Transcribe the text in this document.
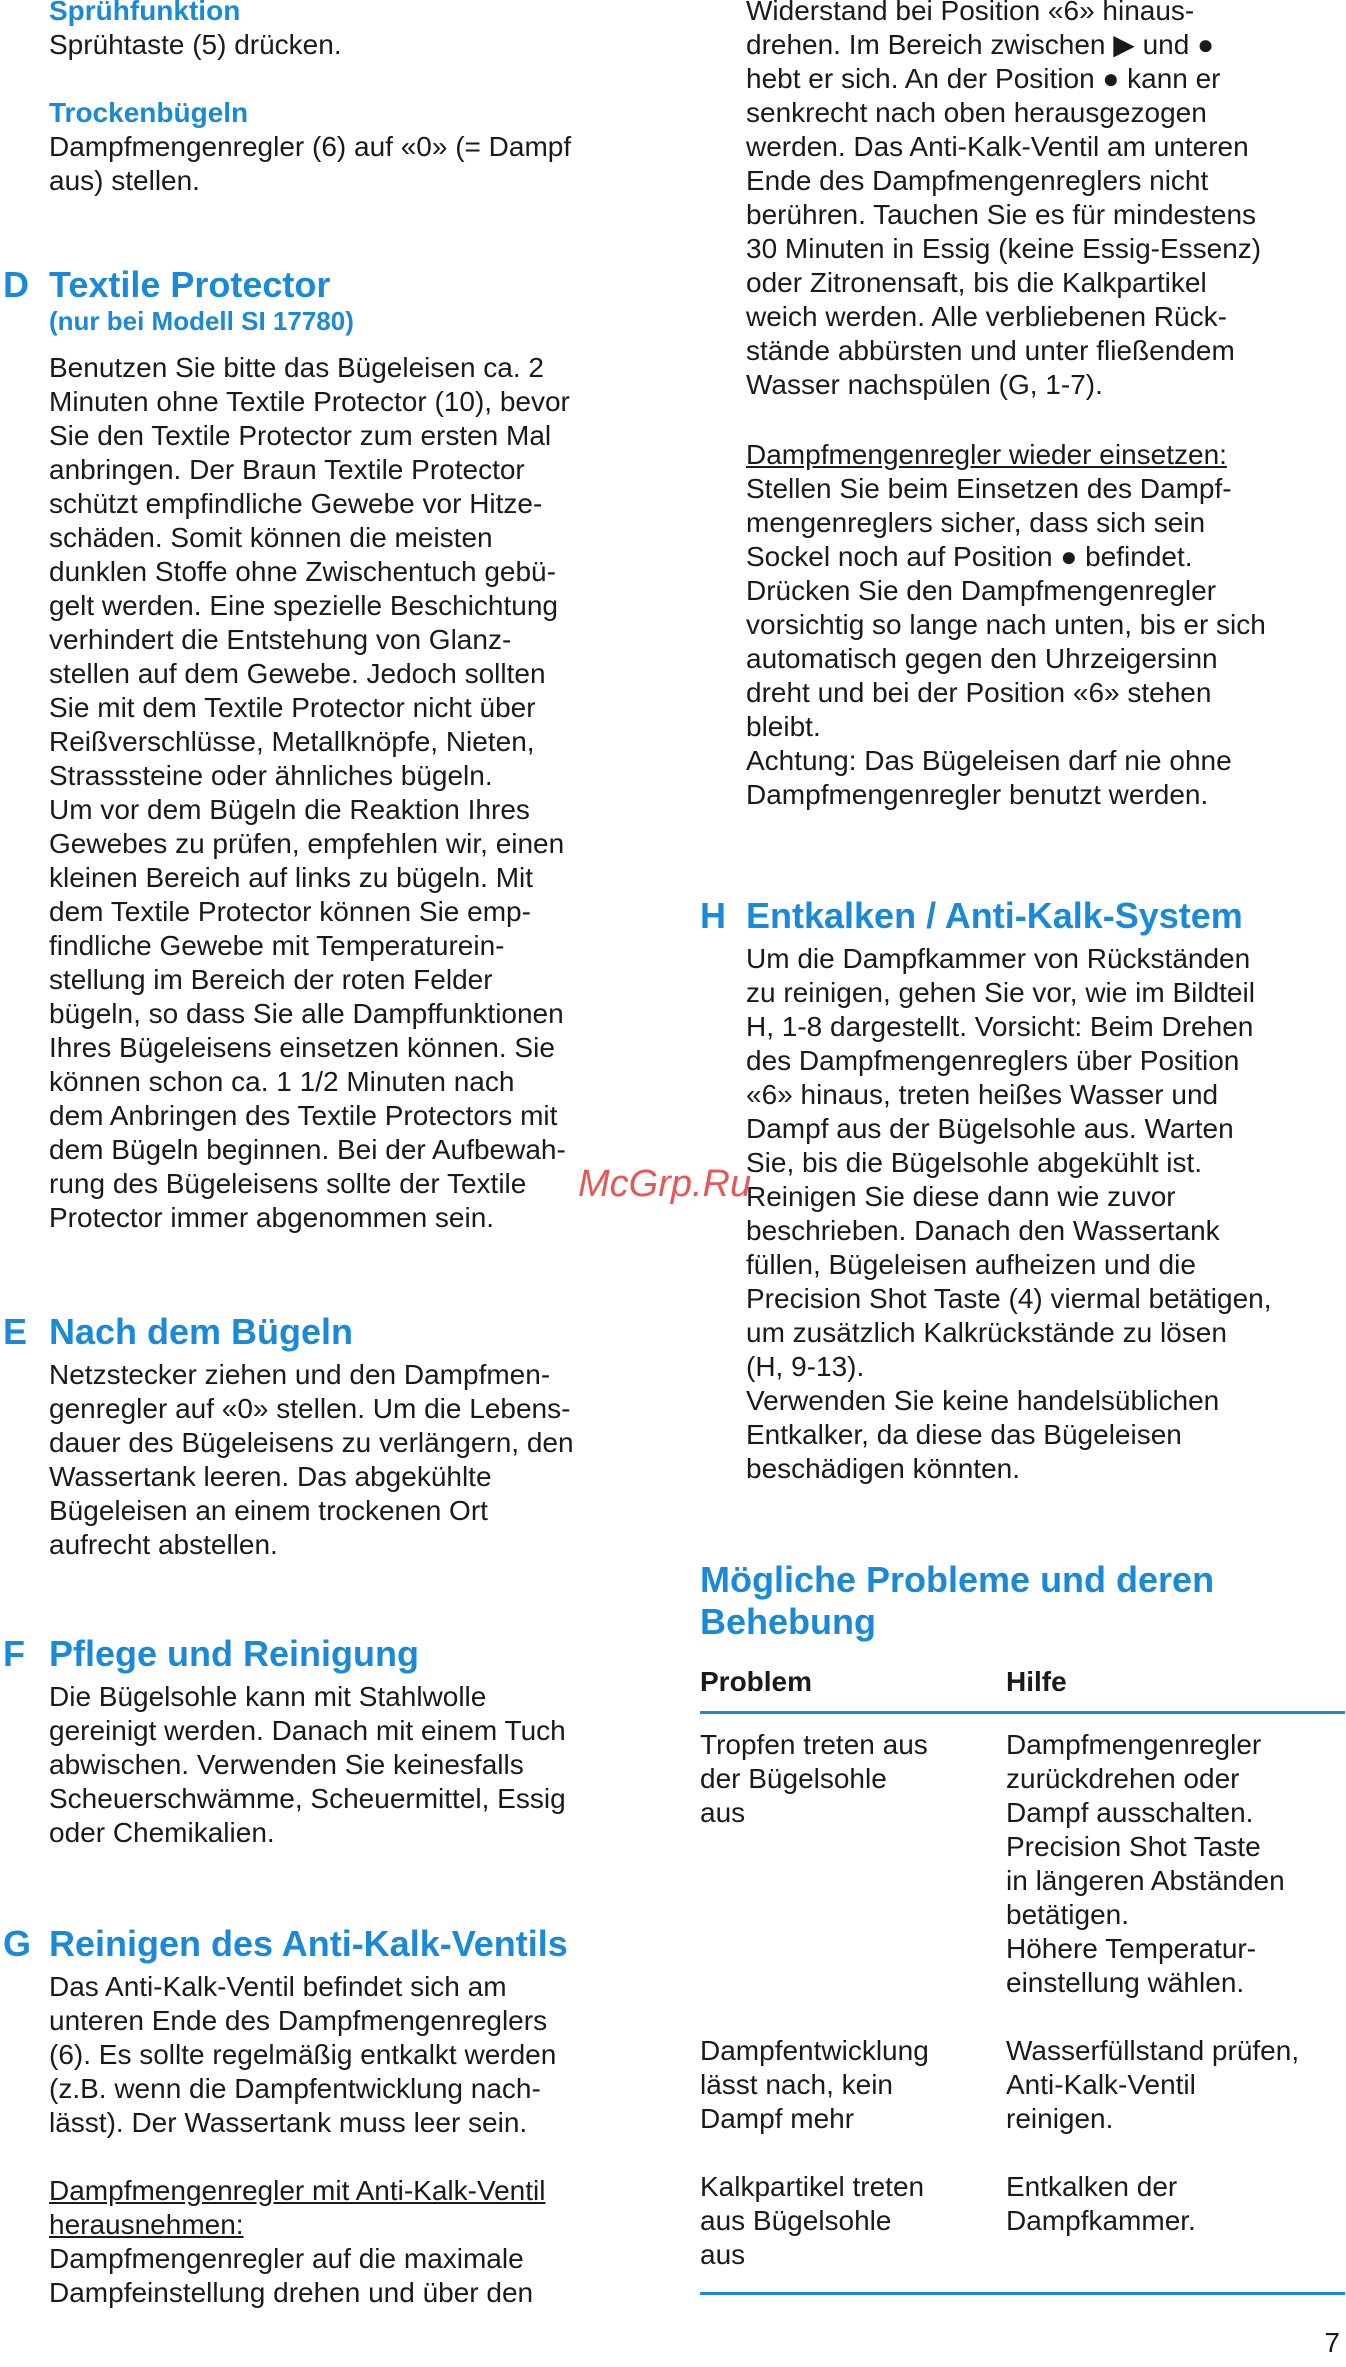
Sprühfunktion

Sprühtaste (5) drücken.

Trockenbügeln

Dampfmengenregler (6) auf «0» (= Dampf
aus) stellen.

D Textile Protector
(nur bei Modell SI 17780)

Benutzen Sie bitte das Bügeleisen ca. 2
Minuten ohne Textile Protector (10), bevor
Sie den Textile Protector zum ersten Mal
anbringen. Der Braun Textile Protector
schützt empfindliche Gewebe vor Hitze-
schäden. Somit können die meisten
dunklen Stoffe ohne Zwischentuch gebü-
gelt werden. Eine spezielle Beschichtung
verhindert die Entstehung von Glanz-
stellen auf dem Gewebe. Jedoch sollten
Sie mit dem Textile Protector nicht über
Reißverschlüsse, Metallknöpfe, Nieten,
Strasssteine oder ähnliches bügeln.
Um vor dem Bügeln die Reaktion Ihres
Gewebes zu prüfen, empfehlen wir, einen
kleinen Bereich auf links zu bügeln. Mit
dem Textile Protector können Sie emp-
findliche Gewebe mit Temperaturein-
stellung im Bereich der roten Felder
bügeln, so dass Sie alle Dampffunktionen
Ihres Bügeleisens einsetzen können. Sie
können schon ca. 1 1/2 Minuten nach
dem Anbringen des Textile Protectors mit
dem Bügeln beginnen. Bei der Aufbewah-
rung des Bügeleisens sollte der Textile
Protector immer abgenommen sein.

E Nach dem Bügeln

Netzstecker ziehen und den Dampfmen-
genregler auf «0» stellen. Um die Lebens-
dauer des Bügeleisens zu verlängern, den
Wassertank leeren. Das abgekühlte
Bügeleisen an einem trockenen Ort
aufrecht abstellen.

F Pflege und Reinigung

Die Bügelsohle kann mit Stahlwolle
gereinigt werden. Danach mit einem Tuch
abwischen. Verwenden Sie keinesfalls
Scheuerschwämme, Scheuermittel, Essig
oder Chemikalien.

G Reinigen des Anti-Kalk-Ventils

Das Anti-Kalk-Ventil befindet sich am
unteren Ende des Dampfmengenreglers
(6). Es sollte regelmäßig entkalkt werden
(z.B. wenn die Dampfentwicklung nach-
lässt). Der Wassertank muss leer sein.

Dampfmengenregler mit Anti-Kalk-Ventil
herausnehmen:
Dampfmengenregler auf die maximale
Dampfeinstellung drehen und über den

Widerstand bei Position «6» hinaus-
drehen. Im Bereich zwischen ▶ und ●
hebt er sich. An der Position ● kann er
senkrecht nach oben herausgezogen
werden. Das Anti-Kalk-Ventil am unteren
Ende des Dampfmengenreglers nicht
berühren. Tauchen Sie es für mindestens
30 Minuten in Essig (keine Essig-Essenz)
oder Zitronensaft, bis die Kalkpartikel
weich werden. Alle verbliebenen Rück-
stände abbürsten und unter fließendem
Wasser nachspülen (G, 1-7).

Dampfmengenregler wieder einsetzen:
Stellen Sie beim Einsetzen des Dampf-
mengenreglers sicher, dass sich sein
Sockel noch auf Position ● befindet.
Drücken Sie den Dampfmengenregler
vorsichtig so lange nach unten, bis er sich
automatisch gegen den Uhrzeigersinn
dreht und bei der Position «6» stehen
bleibt.
Achtung: Das Bügeleisen darf nie ohne
Dampfmengenregler benutzt werden.

H Entkalken / Anti-Kalk-System

Um die Dampfkammer von Rückständen
zu reinigen, gehen Sie vor, wie im Bildteil
H, 1-8 dargestellt. Vorsicht: Beim Drehen
des Dampfmengenreglers über Position
«6» hinaus, treten heißes Wasser und
Dampf aus der Bügelsohle aus. Warten
Sie, bis die Bügelsohle abgekühlt ist.
Reinigen Sie diese dann wie zuvor
beschrieben. Danach den Wassertank
füllen, Bügeleisen aufheizen und die
Precision Shot Taste (4) viermal betätigen,
um zusätzlich Kalkrückstände zu lösen
(H, 9-13).
Verwenden Sie keine handelsüblichen
Entkalker, da diese das Bügeleisen
beschädigen könnten.

Mögliche Probleme und deren
Behebung
Problem	Hilfe
Tropfen treten aus
der Bügelsohle
aus
Dampfmengenregler
zurückdrehen oder
Dampf ausschalten.
Precision Shot Taste
in längeren Abständen
betätigen.
Höhere Temperatur-
einstellung wählen.
Dampfentwicklung
lässt nach, kein
Dampf mehr
Wasserfüllstand prüfen,
Anti-Kalk-Ventil
reinigen.
Kalkpartikel treten
aus Bügelsohle
aus
Entkalken der
Dampfkammer.
McGrp.Ru
7
